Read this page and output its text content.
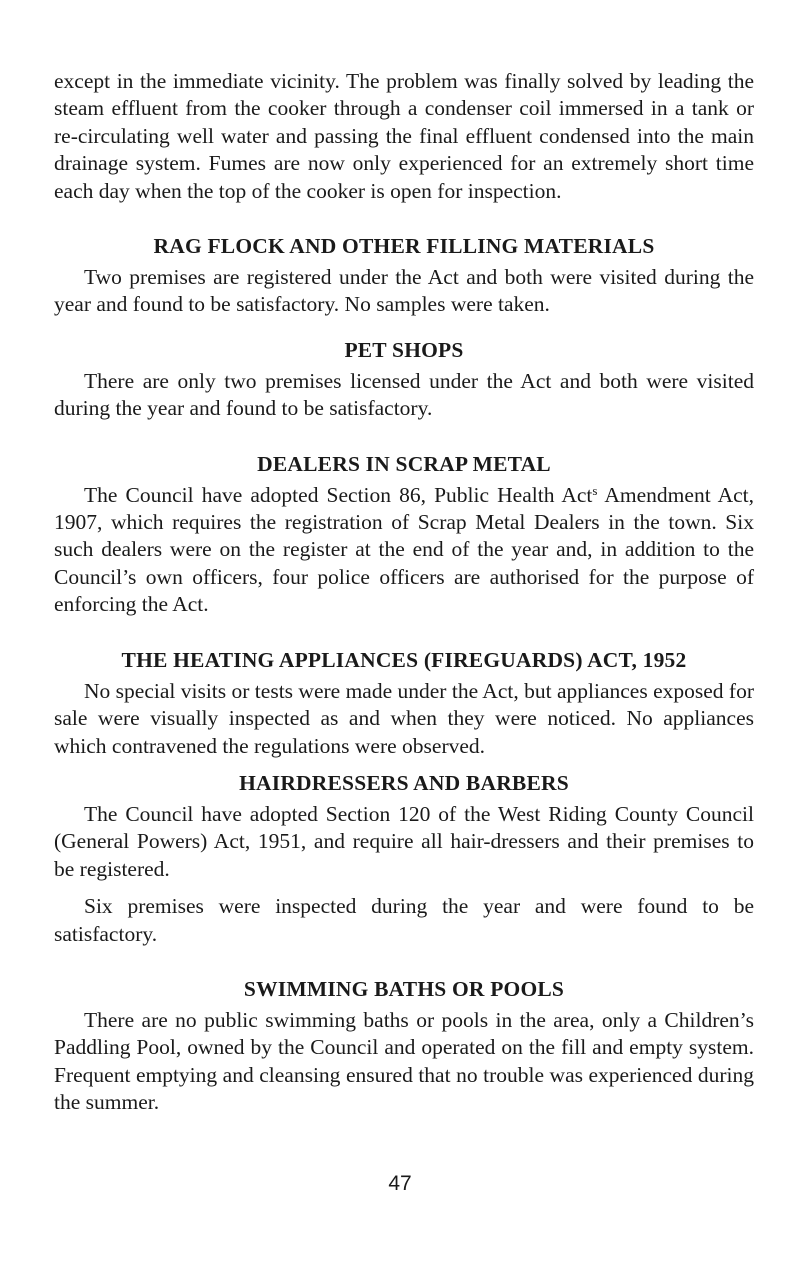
except in the immediate vicinity. The problem was finally solved by leading the steam effluent from the cooker through a condenser coil immersed in a tank or re-circulating well water and passing the final effluent condensed into the main drainage system. Fumes are now only experienced for an extremely short time each day when the top of the cooker is open for inspection.

RAG FLOCK AND OTHER FILLING MATERIALS

Two premises are registered under the Act and both were visited during the year and found to be satisfactory. No samples were taken.

PET SHOPS

There are only two premises licensed under the Act and both were visited during the year and found to be satisfactory.

DEALERS IN SCRAP METAL

The Council have adopted Section 86, Public Health Act$^s$ Amendment Act, 1907, which requires the registration of Scrap Metal Dealers in the town. Six such dealers were on the register at the end of the year and, in addition to the Council’s own officers, four police officers are authorised for the purpose of enforcing the Act.

THE HEATING APPLIANCES (FIREGUARDS) ACT, 1952

No special visits or tests were made under the Act, but appliances exposed for sale were visually inspected as and when they were noticed. No appliances which contravened the regulations were observed.

HAIRDRESSERS AND BARBERS

The Council have adopted Section 120 of the West Riding County Council (General Powers) Act, 1951, and require all hair-dressers and their premises to be registered.

Six premises were inspected during the year and were found to be satisfactory.

SWIMMING BATHS OR POOLS

There are no public swimming baths or pools in the area, only a Children’s Paddling Pool, owned by the Council and operated on the fill and empty system. Frequent emptying and cleansing ensured that no trouble was experienced during the summer.

47
